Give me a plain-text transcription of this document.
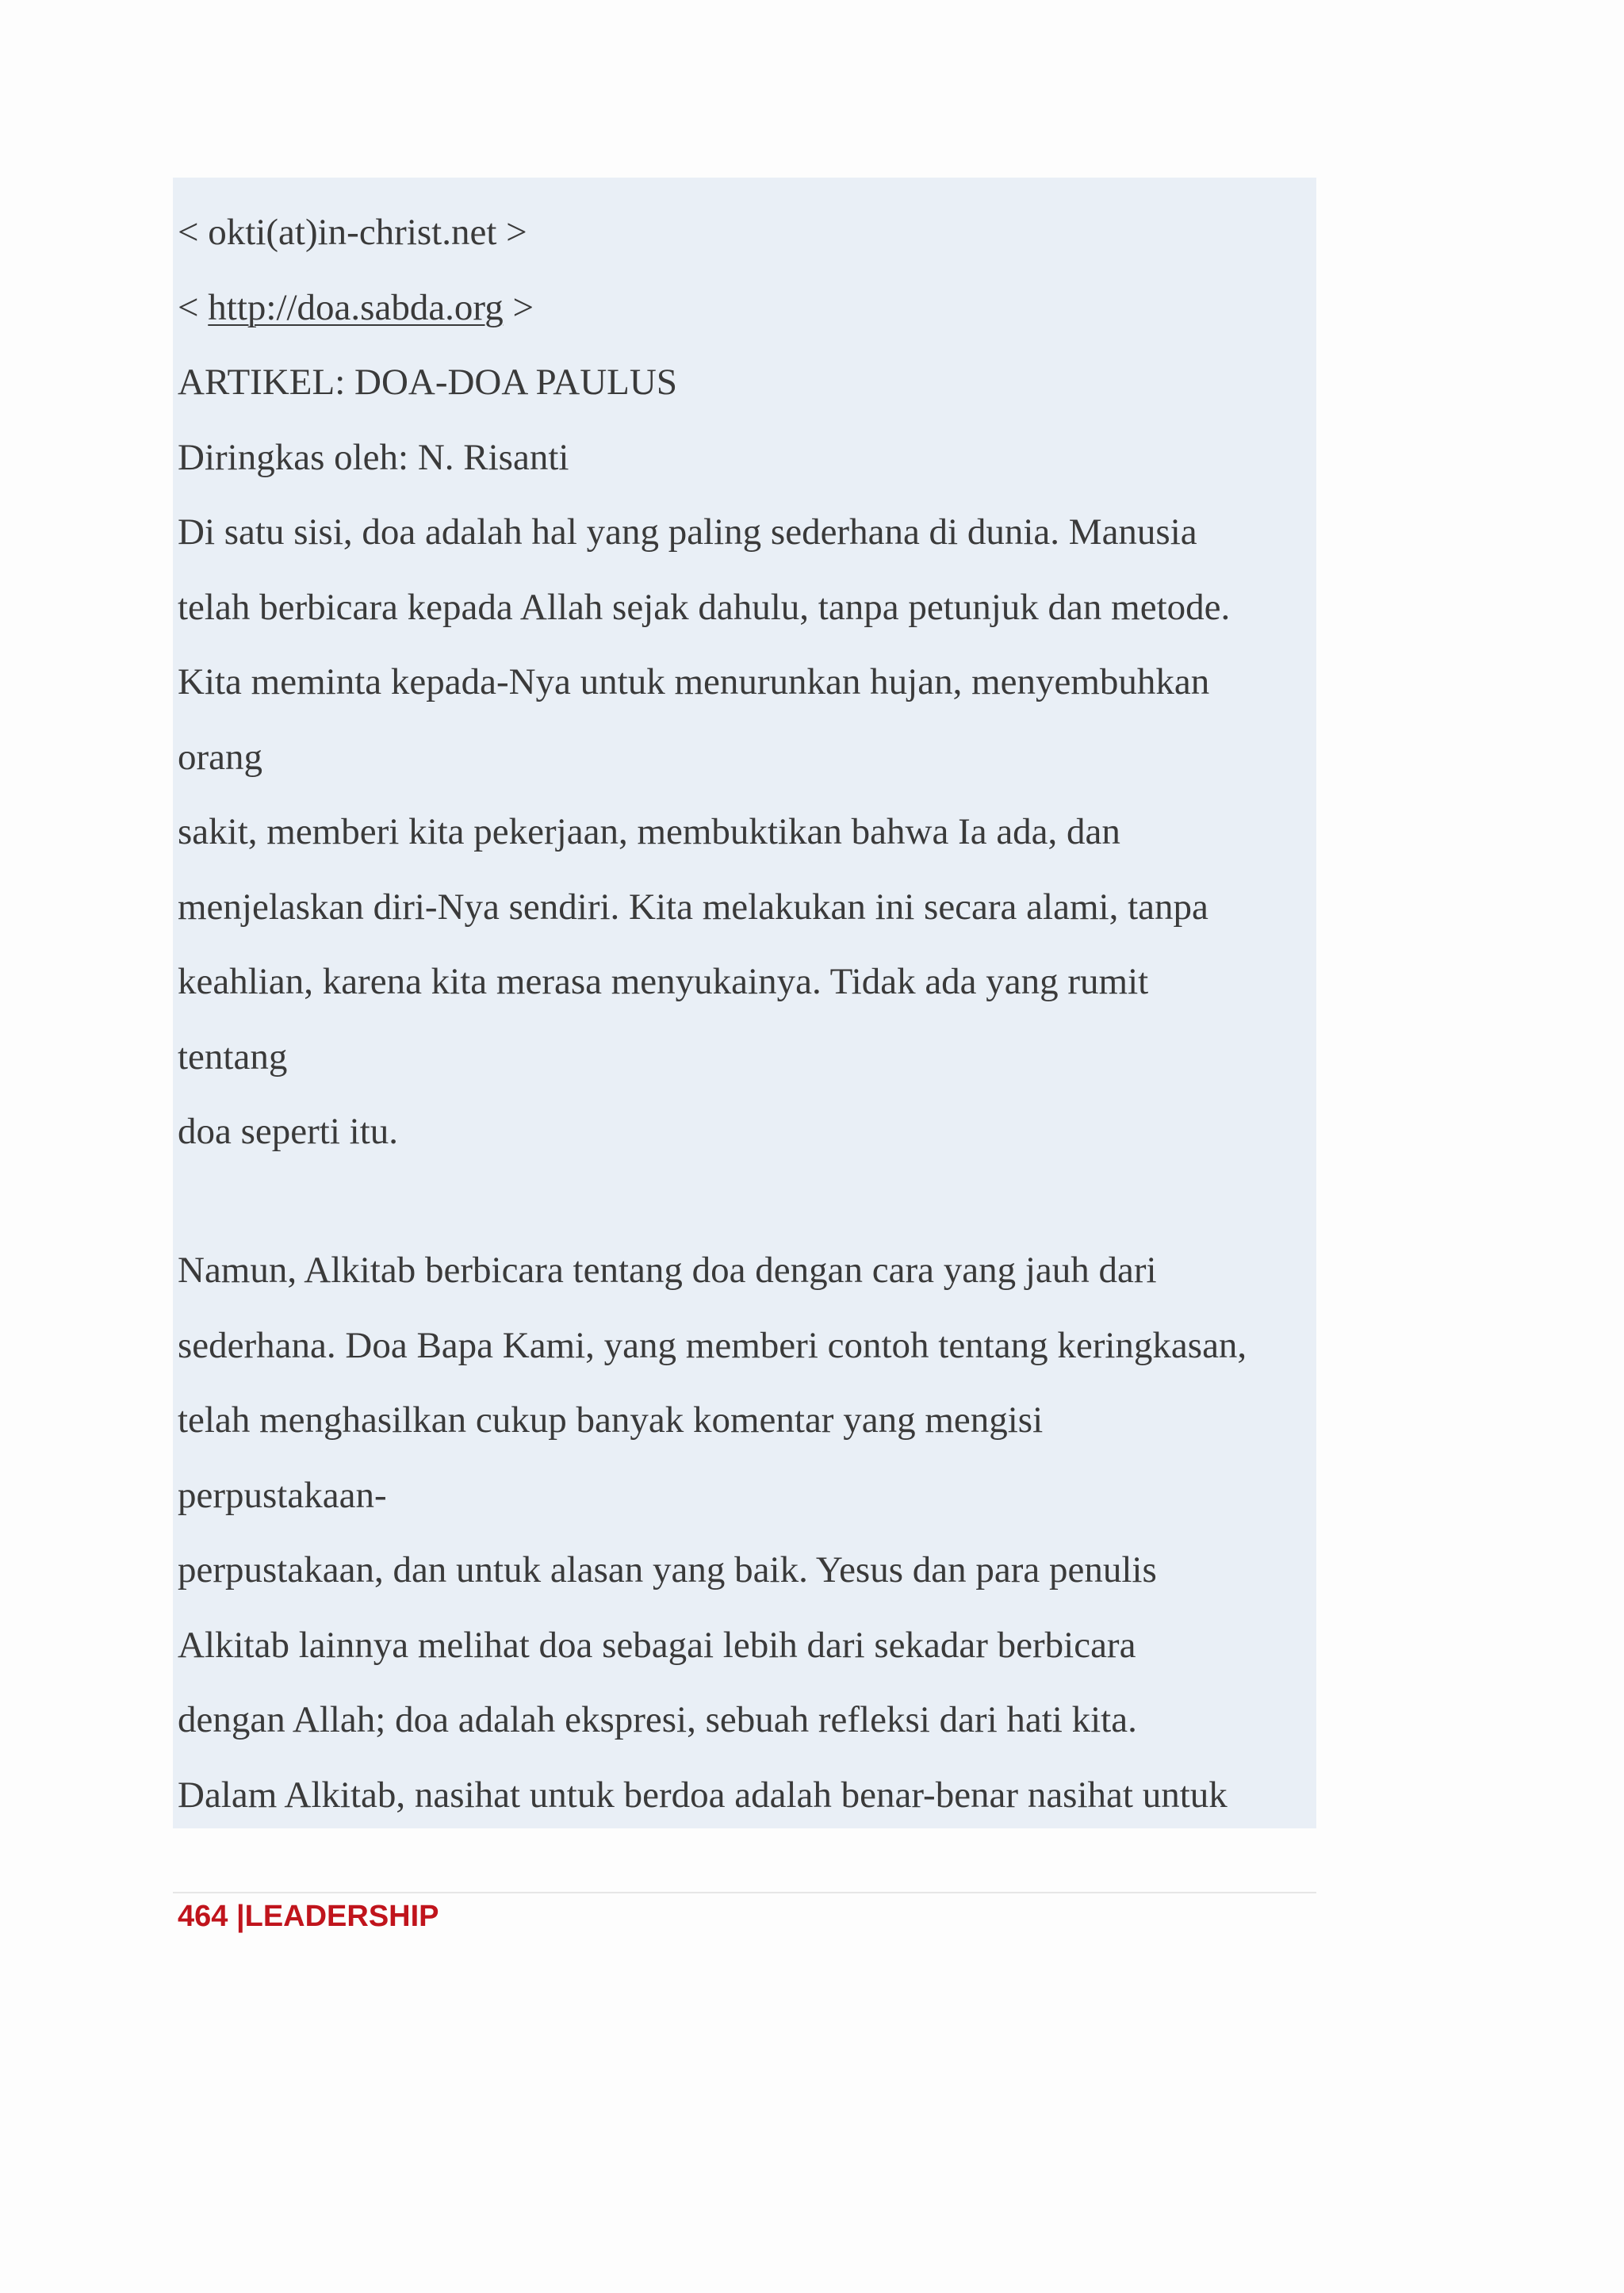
< okti(at)in-christ.net >
< http://doa.sabda.org >
ARTIKEL: DOA-DOA PAULUS
Diringkas oleh: N. Risanti
Di satu sisi, doa adalah hal yang paling sederhana di dunia. Manusia
telah berbicara kepada Allah sejak dahulu, tanpa petunjuk dan metode.
Kita meminta kepada-Nya untuk menurunkan hujan, menyembuhkan
orang
sakit, memberi kita pekerjaan, membuktikan bahwa Ia ada, dan
menjelaskan diri-Nya sendiri. Kita melakukan ini secara alami, tanpa
keahlian, karena kita merasa menyukainya. Tidak ada yang rumit
tentang
doa seperti itu.
Namun, Alkitab berbicara tentang doa dengan cara yang jauh dari
sederhana. Doa Bapa Kami, yang memberi contoh tentang keringkasan,
telah menghasilkan cukup banyak komentar yang mengisi
perpustakaan-
perpustakaan, dan untuk alasan yang baik. Yesus dan para penulis
Alkitab lainnya melihat doa sebagai lebih dari sekadar berbicara
dengan Allah; doa adalah ekspresi, sebuah refleksi dari hati kita.
Dalam Alkitab, nasihat untuk berdoa adalah benar-benar nasihat untuk
464 |LEADERSHIP
